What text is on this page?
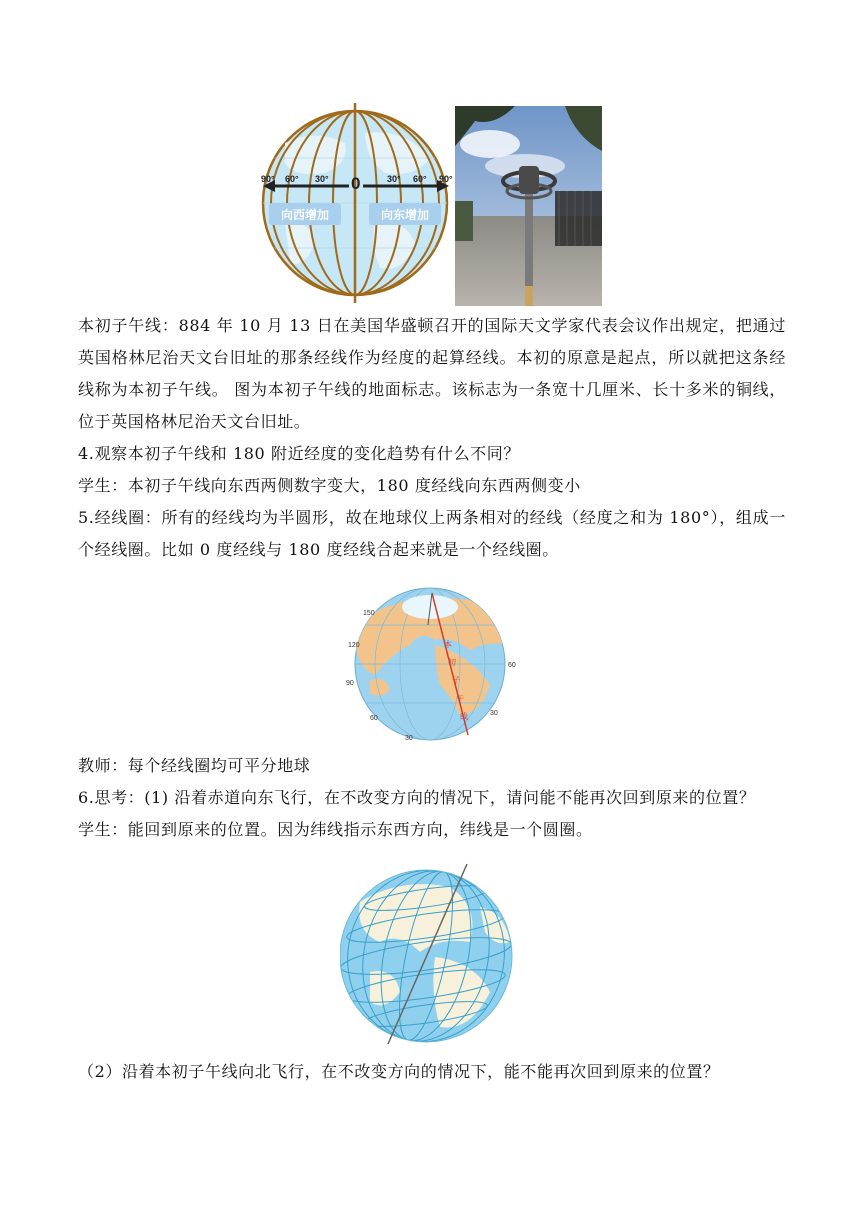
90° 60° 30° 0	30° 60° 90°
向西增加	向东增加

本初子午线：884 年 10 月 13 日在美国华盛顿召开的国际天文学家代表会议作出规定，把通过英国格林尼治天文台旧址的那条经线作为经度的起算经线。本初的原意是起点，所以就把这条经线称为本初子午线。 图为本初子午线的地面标志。该标志为一条宽十几厘米、长十多米的铜线，位于英国格林尼治天文台旧址。

4.观察本初子午线和 180 附近经度的变化趋势有什么不同？

学生：本初子午线向东西两侧数字变大，180 度经线向东西两侧变小

5.经线圈：所有的经线均为半圆形，故在地球仪上两条相对的经线（经度之和为 180°），组成一个经线圈。比如 0 度经线与 180 度经线合起来就是一个经线圈。

150
120
90
60
30
60
30
本
初
子
午
线

教师：每个经线圈均可平分地球

6.思考：(1) 沿着赤道向东飞行，在不改变方向的情况下，请问能不能再次回到原来的位置？

学生：能回到原来的位置。因为纬线指示东西方向，纬线是一个圆圈。

（2）沿着本初子午线向北飞行，在不改变方向的情况下，能不能再次回到原来的位置？
